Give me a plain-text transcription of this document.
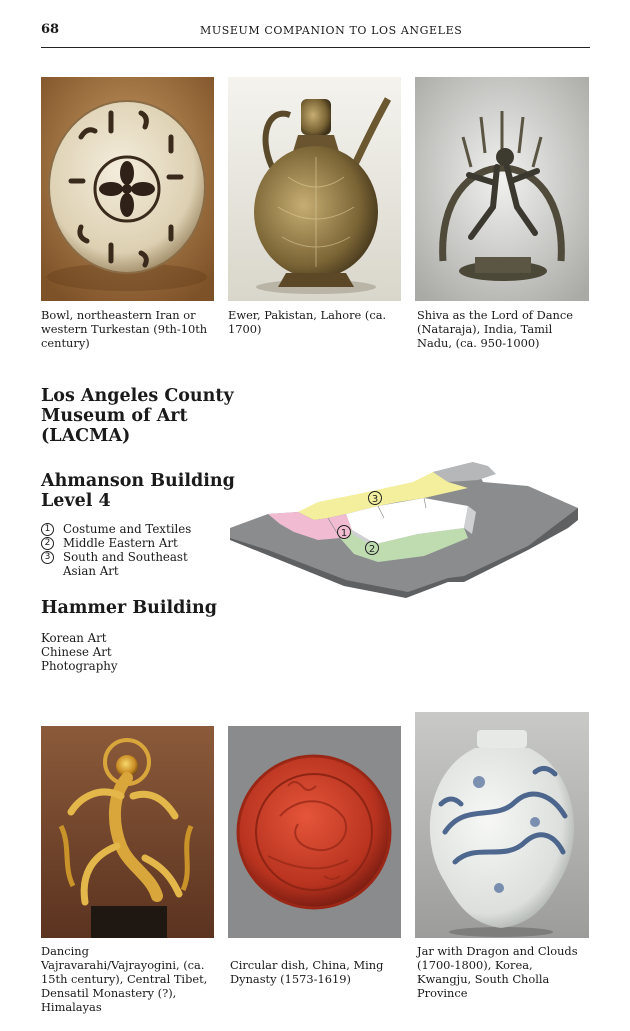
68	MUSEUM COMPANION TO LOS ANGELES
Bowl, northeastern Iran or western Turkestan (9th-10th century)
Ewer, Pakistan, Lahore (ca. 1700)
Shiva as the Lord of Dance (Nataraja), India, Tamil Nadu, (ca. 950-1000)
Los Angeles County
Museum of Art
(LACMA)
Ahmanson Building
Level 4
1	Costume and Textiles
2	Middle Eastern Art
3	South and Southeast Asian Art
Hammer Building
Korean Art
Chinese Art
Photography
3
1
2
Dancing Vajravarahi/Vajrayogini, (ca. 15th century), Central Tibet, Densatil Monastery (?), Himalayas
Circular dish, China, Ming Dynasty (1573-1619)
Jar with Dragon and Clouds (1700-1800), Korea, Kwangju, South Cholla Province
